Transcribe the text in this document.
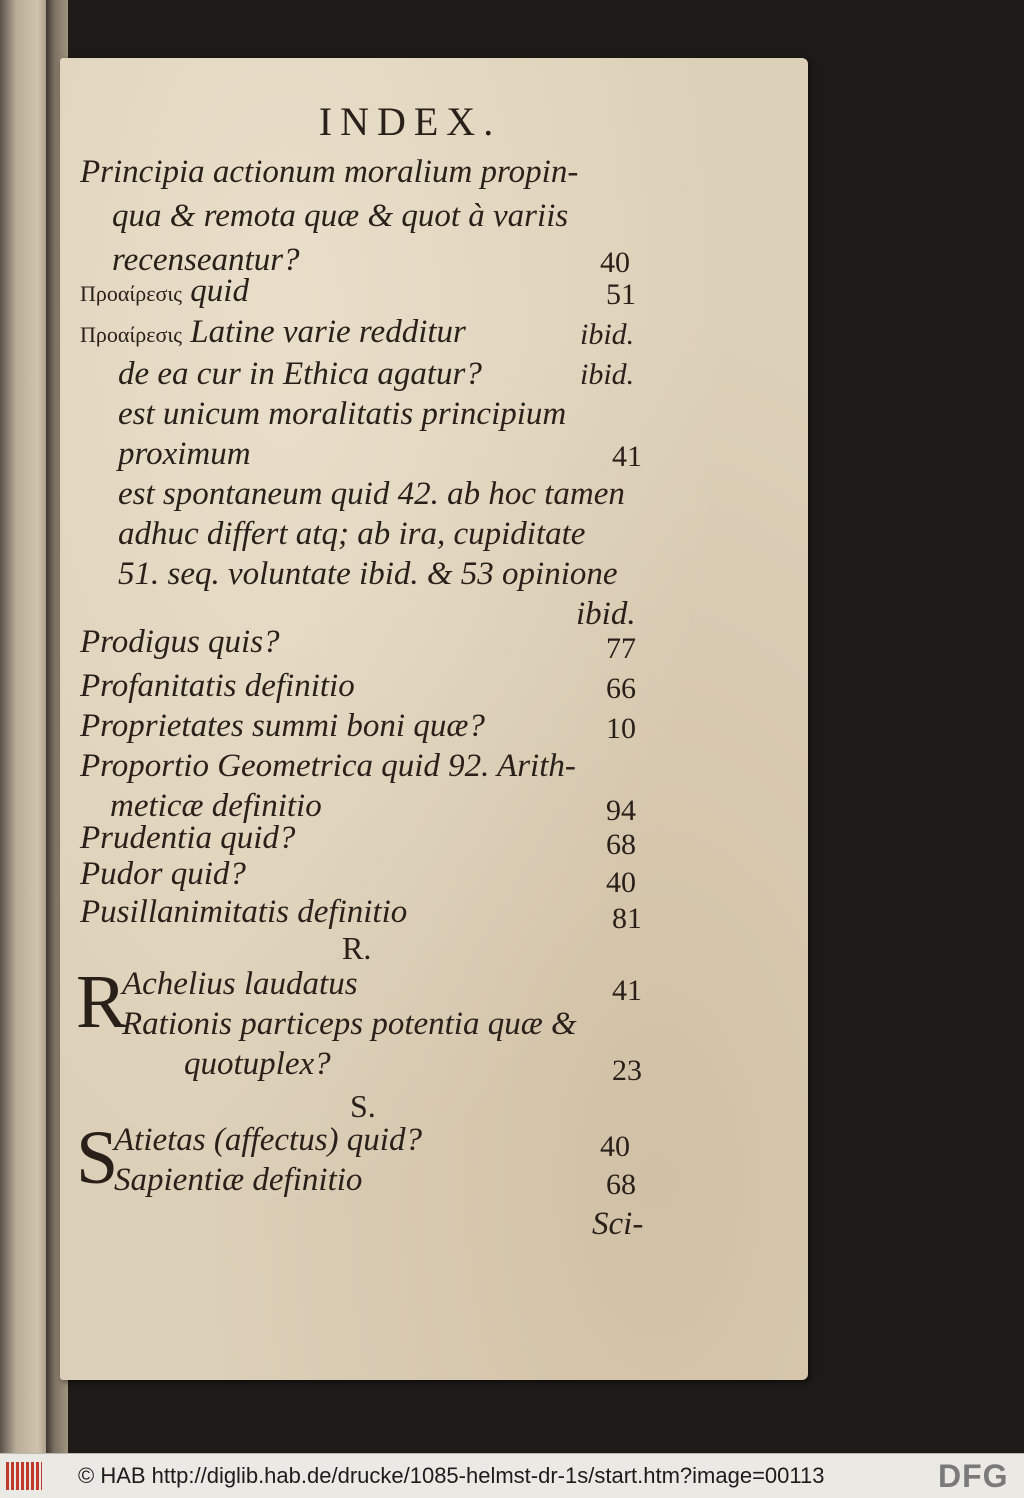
INDEX.
Principia actionum moralium propin-
qua & remota quæ & quot à variis
recenseantur?	40
Προαίρεσις quid	51
Προαίρεσις Latine varie redditur	ibid.
de ea cur in Ethica agatur?	ibid.
est unicum moralitatis principium
proximum	41
est spontaneum quid 42. ab hoc tamen
adhuc differt atq; ab ira, cupiditate
51. seq. voluntate ibid. & 53 opinione
ibid.
Prodigus quis?	77
Profanitatis definitio	66
Proprietates summi boni quæ?	10
Proportio Geometrica quid 92. Arith-
meticæ definitio	94
Prudentia quid?	68
Pudor quid?	40
Pusillanimitatis definitio	81
R.
R
Achelius laudatus	41
Rationis particeps potentia quæ &
quotuplex?	23
S.
S
Atietas (affectus) quid?	40
Sapientiæ definitio	68
Sci-
© HAB http://diglib.hab.de/drucke/1085-helmst-dr-1s/start.htm?image=00113	DFG
